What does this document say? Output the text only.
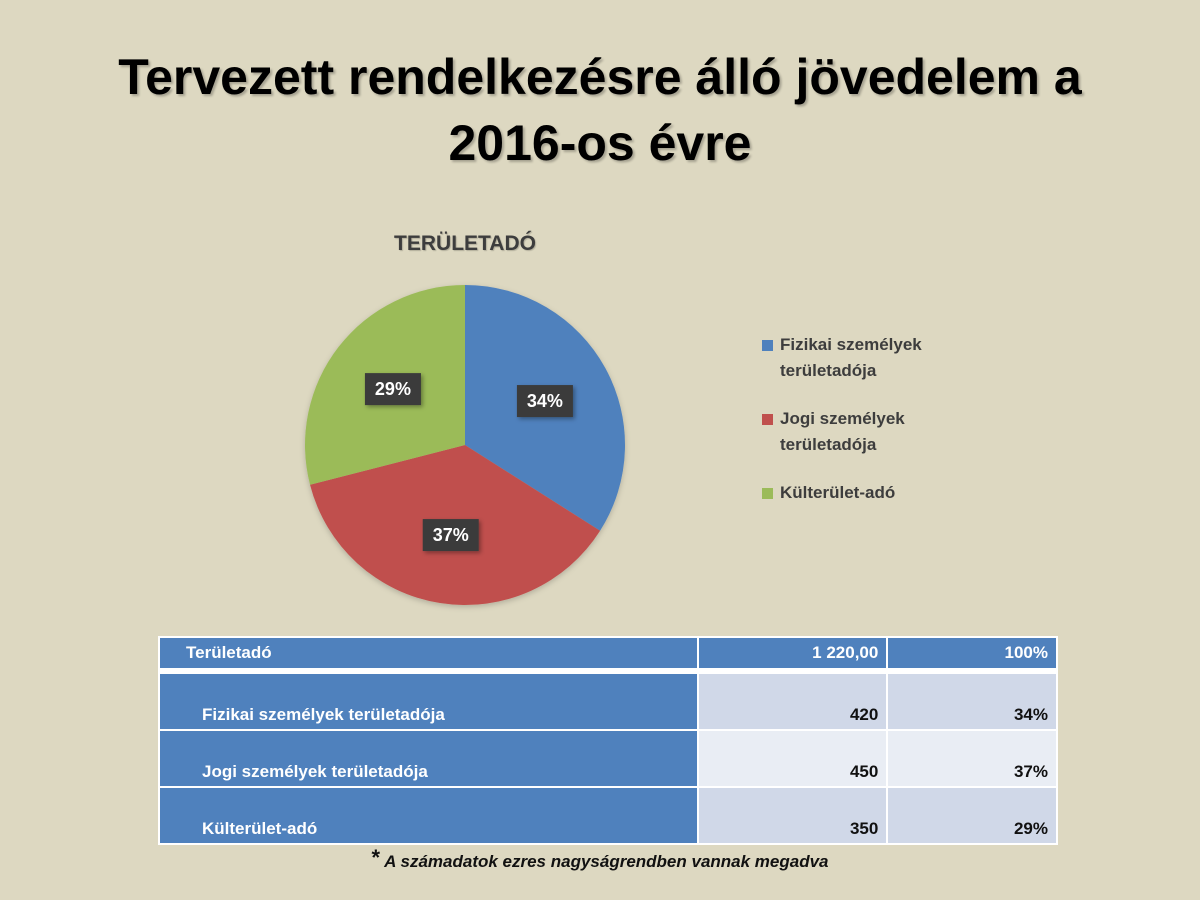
Tervezett rendelkezésre álló jövedelem a
2016-os évre
TERÜLETADÓ
34%
37%
29%
Fizikai személyek
területadója
Jogi személyek
területadója
Külterület-adó
Területadó	1 220,00	100%
Fizikai személyek területadója	420	34%
Jogi személyek területadója	450	37%
Külterület-adó	350	29%
* A számadatok ezres nagyságrendben vannak megadva
